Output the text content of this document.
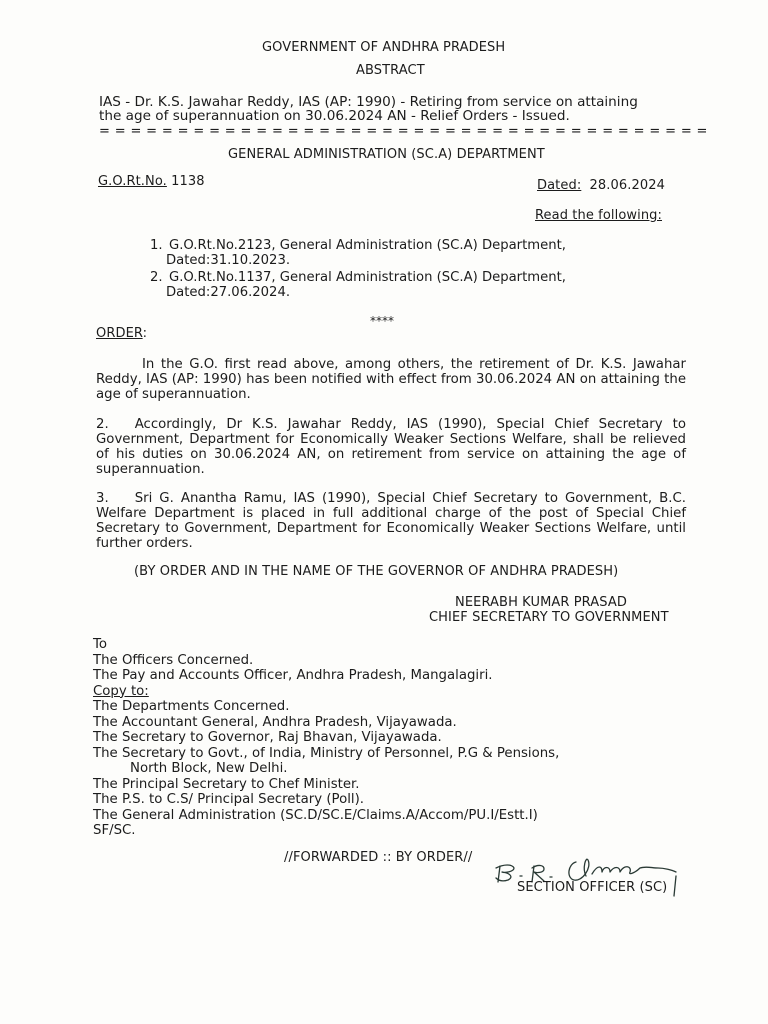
GOVERNMENT OF ANDHRA PRADESH
ABSTRACT
IAS - Dr. K.S. Jawahar Reddy, IAS (AP: 1990) - Retiring from service on attaining
the age of superannuation on 30.06.2024 AN - Relief Orders - Issued.
= = = = = = = = = = = = = = = = = = = = = = = = = = = = = = = = = = = = = = =
GENERAL ADMINISTRATION (SC.A) DEPARTMENT
G.O.Rt.No. 1138	Dated: 28.06.2024
Read the following:
1. G.O.Rt.No.2123, General Administration (SC.A) Department,
Dated:31.10.2023.
2. G.O.Rt.No.1137, General Administration (SC.A) Department,
Dated:27.06.2024.
****
ORDER:
In the G.O. first read above, among others, the retirement of Dr. K.S. Jawahar Reddy, IAS (AP: 1990) has been notified with effect from 30.06.2024 AN on attaining the age of superannuation.
2. Accordingly, Dr K.S. Jawahar Reddy, IAS (1990), Special Chief Secretary to Government, Department for Economically Weaker Sections Welfare, shall be relieved of his duties on 30.06.2024 AN, on retirement from service on attaining the age of superannuation.
3. Sri G. Anantha Ramu, IAS (1990), Special Chief Secretary to Government, B.C. Welfare Department is placed in full additional charge of the post of Special Chief Secretary to Government, Department for Economically Weaker Sections Welfare, until further orders.
(BY ORDER AND IN THE NAME OF THE GOVERNOR OF ANDHRA PRADESH)
NEERABH KUMAR PRASAD
CHIEF SECRETARY TO GOVERNMENT
To
The Officers Concerned.
The Pay and Accounts Officer, Andhra Pradesh, Mangalagiri.
Copy to:
The Departments Concerned.
The Accountant General, Andhra Pradesh, Vijayawada.
The Secretary to Governor, Raj Bhavan, Vijayawada.
The Secretary to Govt., of India, Ministry of Personnel, P.G & Pensions,
North Block, New Delhi.
The Principal Secretary to Chef Minister.
The P.S. to C.S/ Principal Secretary (Poll).
The General Administration (SC.D/SC.E/Claims.A/Accom/PU.I/Estt.I)
SF/SC.
//FORWARDED :: BY ORDER//
SECTION OFFICER (SC)
